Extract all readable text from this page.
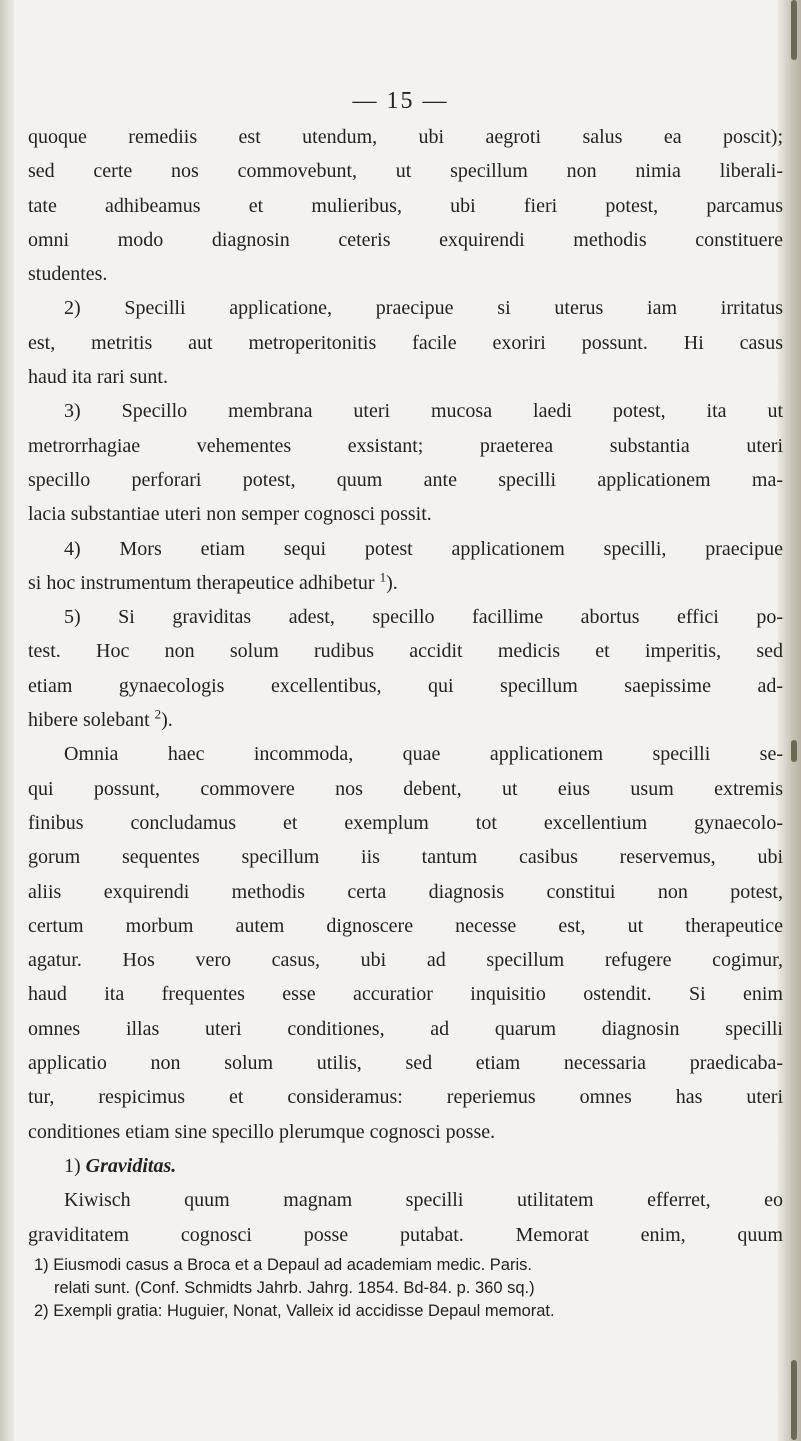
— 15 —
quoque remediis est utendum, ubi aegroti salus ea poscit);
sed certe nos commovebunt, ut specillum non nimia liberali-
tate adhibeamus et mulieribus, ubi fieri potest, parcamus
omni modo diagnosin ceteris exquirendi methodis constituere
studentes.
2) Specilli applicatione, praecipue si uterus iam irritatus
est, metritis aut metroperitonitis facile exoriri possunt. Hi casus
haud ita rari sunt.
3) Specillo membrana uteri mucosa laedi potest, ita ut
metrorrhagiae vehementes exsistant; praeterea substantia uteri
specillo perforari potest, quum ante specilli applicationem ma-
lacia substantiae uteri non semper cognosci possit.
4) Mors etiam sequi potest applicationem specilli, praecipue
si hoc instrumentum therapeutice adhibetur $^1$).
5) Si graviditas adest, specillo facillime abortus effici po-
test. Hoc non solum rudibus accidit medicis et imperitis, sed
etiam gynaecologis excellentibus, qui specillum saepissime ad-
hibere solebant $^2$).
Omnia haec incommoda, quae applicationem specilli se-
qui possunt, commovere nos debent, ut eius usum extremis
finibus concludamus et exemplum tot excellentium gynaecolo-
gorum sequentes specillum iis tantum casibus reservemus, ubi
aliis exquirendi methodis certa diagnosis constitui non potest,
certum morbum autem dignoscere necesse est, ut therapeutice
agatur. Hos vero casus, ubi ad specillum refugere cogimur,
haud ita frequentes esse accuratior inquisitio ostendit. Si enim
omnes illas uteri conditiones, ad quarum diagnosin specilli
applicatio non solum utilis, sed etiam necessaria praedicaba-
tur, respicimus et consideramus: reperiemus omnes has uteri
conditiones etiam sine specillo plerumque cognosci posse.
1) Graviditas.
Kiwisch quum magnam specilli utilitatem efferret, eo
graviditatem cognosci posse putabat. Memorat enim, quum
1) Eiusmodi casus a Broca et a Depaul ad academiam medic. Paris.
relati sunt. (Conf. Schmidts Jahrb. Jahrg. 1854. Bd-84. p. 360 sq.)
2) Exempli gratia: Huguier, Nonat, Valleix id accidisse Depaul memorat.
